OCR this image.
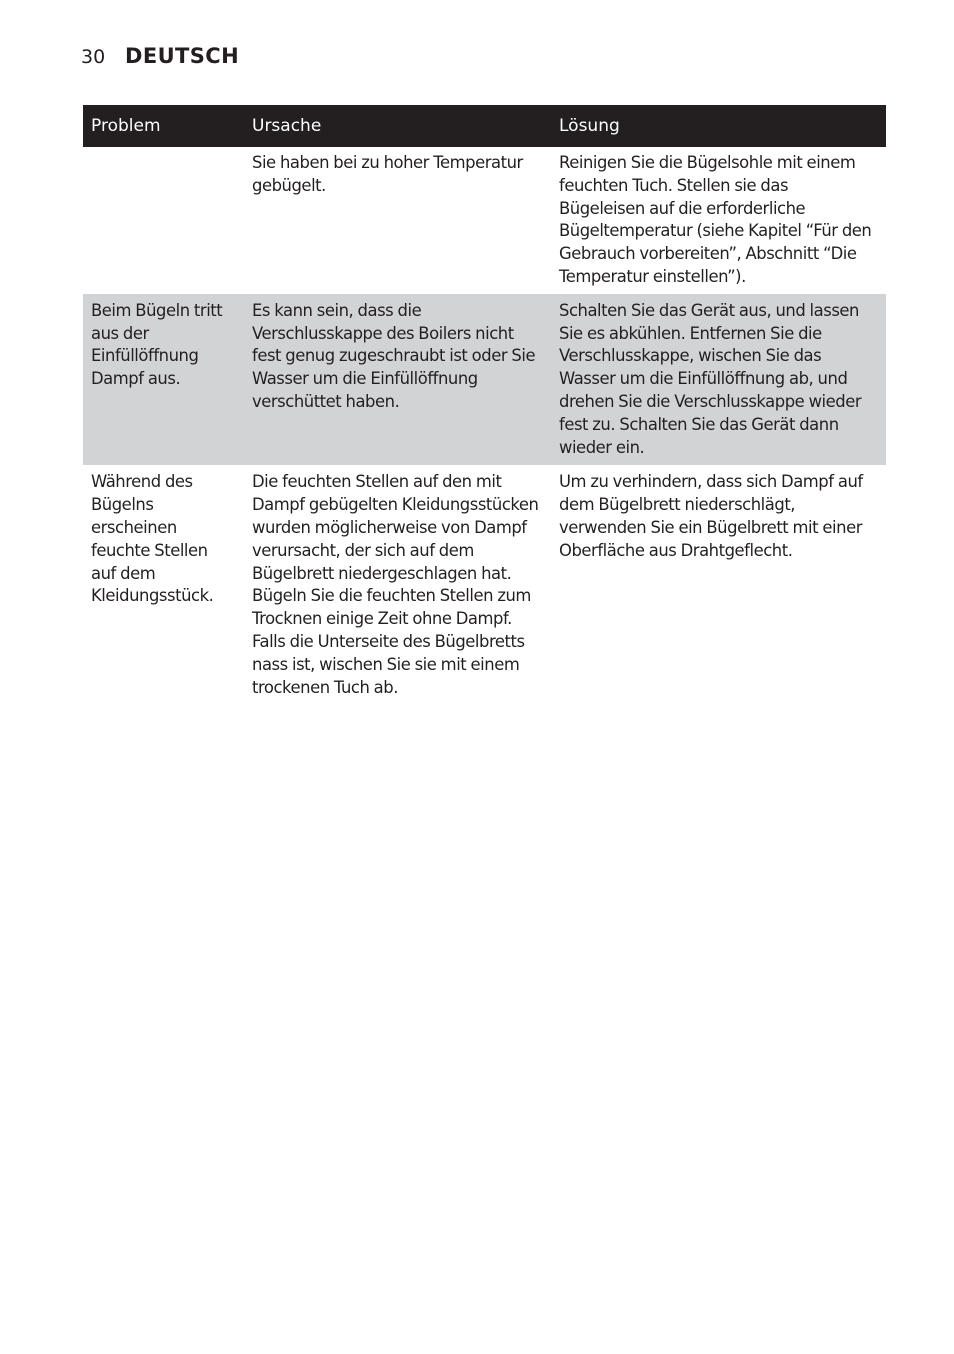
30 DEUTSCH
Problem	Ursache	Lösung
	Sie haben bei zu hoher Temperatur gebügelt.	Reinigen Sie die Bügelsohle mit einem feuchten Tuch. Stellen sie das Bügeleisen auf die erforderliche Bügeltemperatur (siehe Kapitel “Für den Gebrauch vorbereiten”, Abschnitt “Die Temperatur einstellen”).
Beim Bügeln tritt aus der Einfüllöffnung Dampf aus.	Es kann sein, dass die Verschlusskappe des Boilers nicht fest genug zugeschraubt ist oder Sie Wasser um die Einfüllöffnung verschüttet haben.	Schalten Sie das Gerät aus, und lassen Sie es abkühlen. Entfernen Sie die Verschlusskappe, wischen Sie das Wasser um die Einfüllöffnung ab, und drehen Sie die Verschlusskappe wieder fest zu. Schalten Sie das Gerät dann wieder ein.
Während des Bügelns erscheinen feuchte Stellen auf dem Kleidungsstück.	Die feuchten Stellen auf den mit Dampf gebügelten Kleidungsstücken wurden möglicherweise von Dampf verursacht, der sich auf dem Bügelbrett niedergeschlagen hat. Bügeln Sie die feuchten Stellen zum Trocknen einige Zeit ohne Dampf. Falls die Unterseite des Bügelbretts nass ist, wischen Sie sie mit einem trockenen Tuch ab.	Um zu verhindern, dass sich Dampf auf dem Bügelbrett niederschlägt, verwenden Sie ein Bügelbrett mit einer Oberfläche aus Drahtgeflecht.
